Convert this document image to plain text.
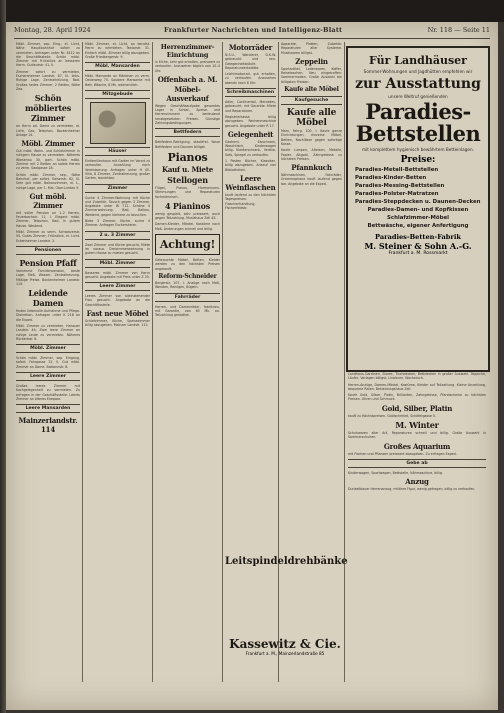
Montag, 28. April 1924	Frankfurter Nachrichten und Intelligenz-Blatt	Nr. 118 — Seite 11

Möbl. Zimmer, sep. Eing., el. Licht, Nähe Hauptbahnhof sofort zu vermieten. Anfragen unter Nr. 4412 an die Geschäftsstelle. Schön möbl. Zimmer mit Frühstück an besseren Herrn. Gutleutstr. 41, II.

Zimmer sofort zu vermieten, Eschersheimer Landstr. 87, III. links. Ruhige Lage, Zentralheizung, Bad. Großes helles Zimmer, 2 Betten, Nähe Zoo.

Schön möbliertes Zimmer

an Herrn od. Dame zu vermieten, el. Licht, Gas, Telephon. Bockenheimer Anlage 14.

Möbl. Zimmer

Gut möbl. Wohn- und Schlafzimmer in ruhigem Hause zu vermieten. Näheres Wiesenau 30, part. Schön möbl. Zimmer mit 2 Betten an solide Herren zu verm. Saalgasse 18.

Schön möbl. Zimmer, sep., Nähe Bahnhof, per sofort. Kaiserstr. 62, III. Sehr gut möbl. Balkonzimmer, el. L., ruhige Lage, per 1. Mai. Ober-Lindau 9.

Gut möbl. Zimmer

mit voller Pension an 1–2 Herren. Feuerbachstr. 11, I. Elegant möbl. Zimmer, Telephon, Bad, in gutem Hause. Westend.

Möbl. Zimmer zu verm. Schweizerstr. 55. Gutes Zimmer, Frühstück, el. Licht. Eckenheimer Landstr. 3.

Pensionen
Pension Pfaff

Vornehme Familienpension, beste Lage, fließ. Wasser, Zentralheizung. Mäßige Preise. Bockenheimer Landstr. 110.

Leidende Damen

finden liebevolle Aufnahme und Pflege. Diskretion. Anfragen unter K 218 an die Exped.

Möbl. Zimmer zu vermieten, Hanauer Landstr. 44. Zwei leere Zimmer an ruhige Leute zu vermieten. Näheres Rückertstr. 6.

Möbl. Zimmer

Schön möbl. Zimmer, sep. Eingang, sofort. Fahrgasse 22, II. Gut möbl. Zimmer an Dame. Battonnstr. 8.

Leere Zimmer

Großes leeres Zimmer mit Kochgelegenheit zu vermieten. Zu erfragen in der Geschäftsstelle. Leeres Zimmer an älteres Ehepaar.

Leere Mansarden
Mainzerlandstr. 114

Möbl. Zimmer, el. Licht, an berufst. Herrn zu vermieten. Textorstr. 31. Einfach möbl. Zimmer billig abzugeben. Große Friedbergerstr. 9.

Möbl. Mansarden

Möbl. Mansarde an Mädchen zu verm. Oederweg 70. Saubere Mansarde mit Bett, Wäsche, 8 Mk. wöchentlich.

Mitzgebude
Häuser

Einfamilienhaus mit Garten im Vorort zu verkaufen. Anzahlung nach Vereinbarung. Anfragen unter H 45. Villa, 8 Zimmer, Zentralheizung, großer Garten, beziehbar.

Zimmer

Suche 4 Zimmer-Wohnung mit Küche und Zubehör, Tausch gegen 3 Zimmer. Angebote unter W 712. Schöne 4 Zimmerwohnung, Bad, Balkon, Westend, gegen kleinere zu tauschen.

Biete 3 Zimmer, Küche, suche 4 Zimmer. Anfragen Eschersheim.

2 u. 3 Zimmer

Zwei Zimmer und Küche gesucht, Miete im voraus. Dreizimmerwohnung in gutem Hause zu mieten gesucht.

Möbl. Zimmer

Besseres möbl. Zimmer von Herrn gesucht. Angebote mit Preis unter Z 33.

Leere Zimmer

Leeres Zimmer von alleinstehender Frau gesucht. Angebote an die Geschäftsstelle.

Fast neue Möbel

Schlafzimmer, Küche, Speisezimmer billig abzugeben. Mainzer Landstr. 112.

Herrenzimmer-Einrichtung

in Eiche, sehr gut erhalten, preiswert zu verkaufen. Anzusehen täglich von 10–4 Uhr.

Offenbach a. M.
Möbel-Ausverkauf

Wegen Geschäftsaufgabe gesamtes Lager in Schlaf-, Speise- und Herrenzimmern zu bedeutend herabgesetzten Preisen. Günstige Zahlungsbedingungen.

Bettfedern

Bettfedern-Reinigung, staubfrei. Neue Bettfedern und Daunen billigst.

Pianos
Kauf u. Miete
Stellogen

Flügel, Pianos, Harmoniums. Stimmungen und Reparaturen fachmännisch.

4 Pianinos

wenig gespielt, sehr preiswert, auch gegen Teilzahlung. Musikhaus Zeil 45.

Damen-Kleider, Mäntel, Kostüme nach Maß. Änderungen schnell und billig.

Achtung!

Gebrauchte Möbel, Betten, Kleider werden zu den höchsten Preisen angekauft.

Reform-Schneider

Bergerstr. 107, I. Anzüge nach Maß, Wenden, Reinigen, Bügeln.

Fahrräder

Herren- und Damenräder, fabrikneu, mit Garantie, von 65 Mk. an. Teilzahlung gestattet.

Motorräder

N.S.U., Wanderer, D.K.W. gebraucht und neu. Gelegenheitskäufe. Reparaturwerkstätte.

Leichtmotorrad, gut erhalten, zu verkaufen. Anzusehen abends nach 6 Uhr.

Schreibmaschinen

Adler, Continental, Mercedes, gebraucht, mit Garantie. Miete und Reparaturen.

Registrierkasse billig abzugeben. Rechenmaschine gesucht. Angebote unter R 17.

Gelegenheit

Gasherd, Eisschrank, Waschtisch, Kinderwagen billig. Kleiderschrank, Vertiko, Sofa, Spiegel zu verkaufen.

1 Posten Bücher, Klassiker, billig abzugeben. Ankauf von Bibliotheken.

Leere Weinflaschen

kauft laufend zu den höchsten Tagespreisen. Flaschenhandlung, Fischerfeldstr.

Apparate, Platten, Zubehör. Reparaturen aller Systeme. Musikwaren billigst.

Zeppelin

Sportartikel, Lederwaren, Koffer, Reisetaschen. Neu eingetroffen: Sommermoden. Große Auswahl bei billigsten Preisen.

Kaufe alte Möbel
Kaufgesuche
Kaufe alle Möbel

Marx, Fahrg. 100, I. Kaufe ganze Einrichtungen, einzelne Möbel, Betten, Nachlässe gegen sofortige Kasse.

Kaufe Lumpen, Alteisen, Metalle, Papier. Altgold, Zahngebisse zu höchsten Preisen.

Pfannkuch

Nähmaschinen, Fahrräder, Grammophone kauft laufend gegen bar. Angebote an die Exped.

Für Landhäuser
Sommer-Wohnungen und Jagdhütten empfehlen wir
zur Ausstattung
unsere Weltruf genießenden
Paradies-
Bettstellen
mit komplettem hygienisch bewährtem Betteinlagen.
Preise:
Paradies-Metall-Bettstellen
Paradies-Kinder-Betten
Paradies-Messing-Bettstellen
Paradies-Polster-Matratzen
Paradies-Steppdecken u. Daunen-Decken
Paradies-Damen- und Kopfkissen
Schlafzimmer-Möbel
Bettwäsche, eigener Anfertigung
Paradies-Betten-Fabrik
M. Steiner & Sohn A.-G.
Frankfurt a. M. Rossmarkt

Landhaus-Gardinen, Stores, Tischdecken, Bettdecken in großer Auswahl. Teppiche, Läufer, Vorlagen billigst. Linoleum, Wachstuch.

Herren-Anzüge, Damen-Mäntel, Kostüme, Kleider auf Teilzahlung. Kleine Anzahlung, bequeme Raten. Bekleidungshaus Zeil.

Kaufe Gold, Silber, Platin, Brillanten, Zahngebisse, Pfandscheine zu höchsten Preisen. Uhren und Schmuck.

Gold, Silber, Platin

kauft zu Höchstpreisen. Goldschmied, Schäfergasse 5.

M. Winter

Schuhwaren aller Art, Reparaturen schnell und billig. Große Auswahl in Sommerschuhen.

Großes Aquarium

mit Fischen und Pflanzen preiswert abzugeben. Zu erfragen Exped.

Gebe ab

Kinderwagen, Sportwagen, Bettstelle, Nähmaschine, billig.

Anzug

Dunkelblauer Herrenanzug, mittlere Figur, wenig getragen, billig zu verkaufen.

Leitspindeldrehbänke
Kassewitz & Cie.
Frankfurt a. M., Mainzerlandstraße 85
